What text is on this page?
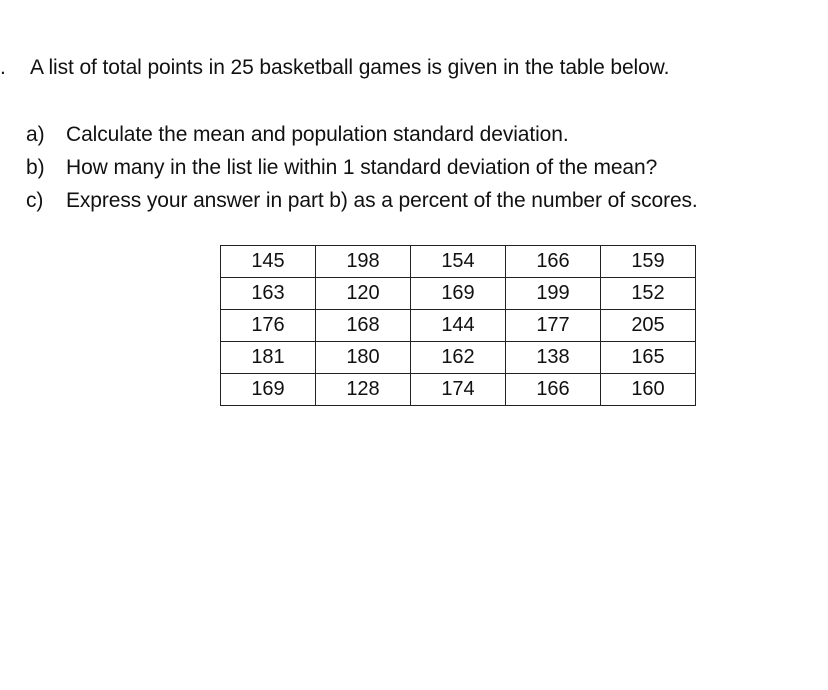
. A list of total points in 25 basketball games is given in the table below.
a) Calculate the mean and population standard deviation.
b) How many in the list lie within 1 standard deviation of the mean?
c) Express your answer in part b) as a percent of the number of scores.
145	198	154	166	159
163	120	169	199	152
176	168	144	177	205
181	180	162	138	165
169	128	174	166	160
